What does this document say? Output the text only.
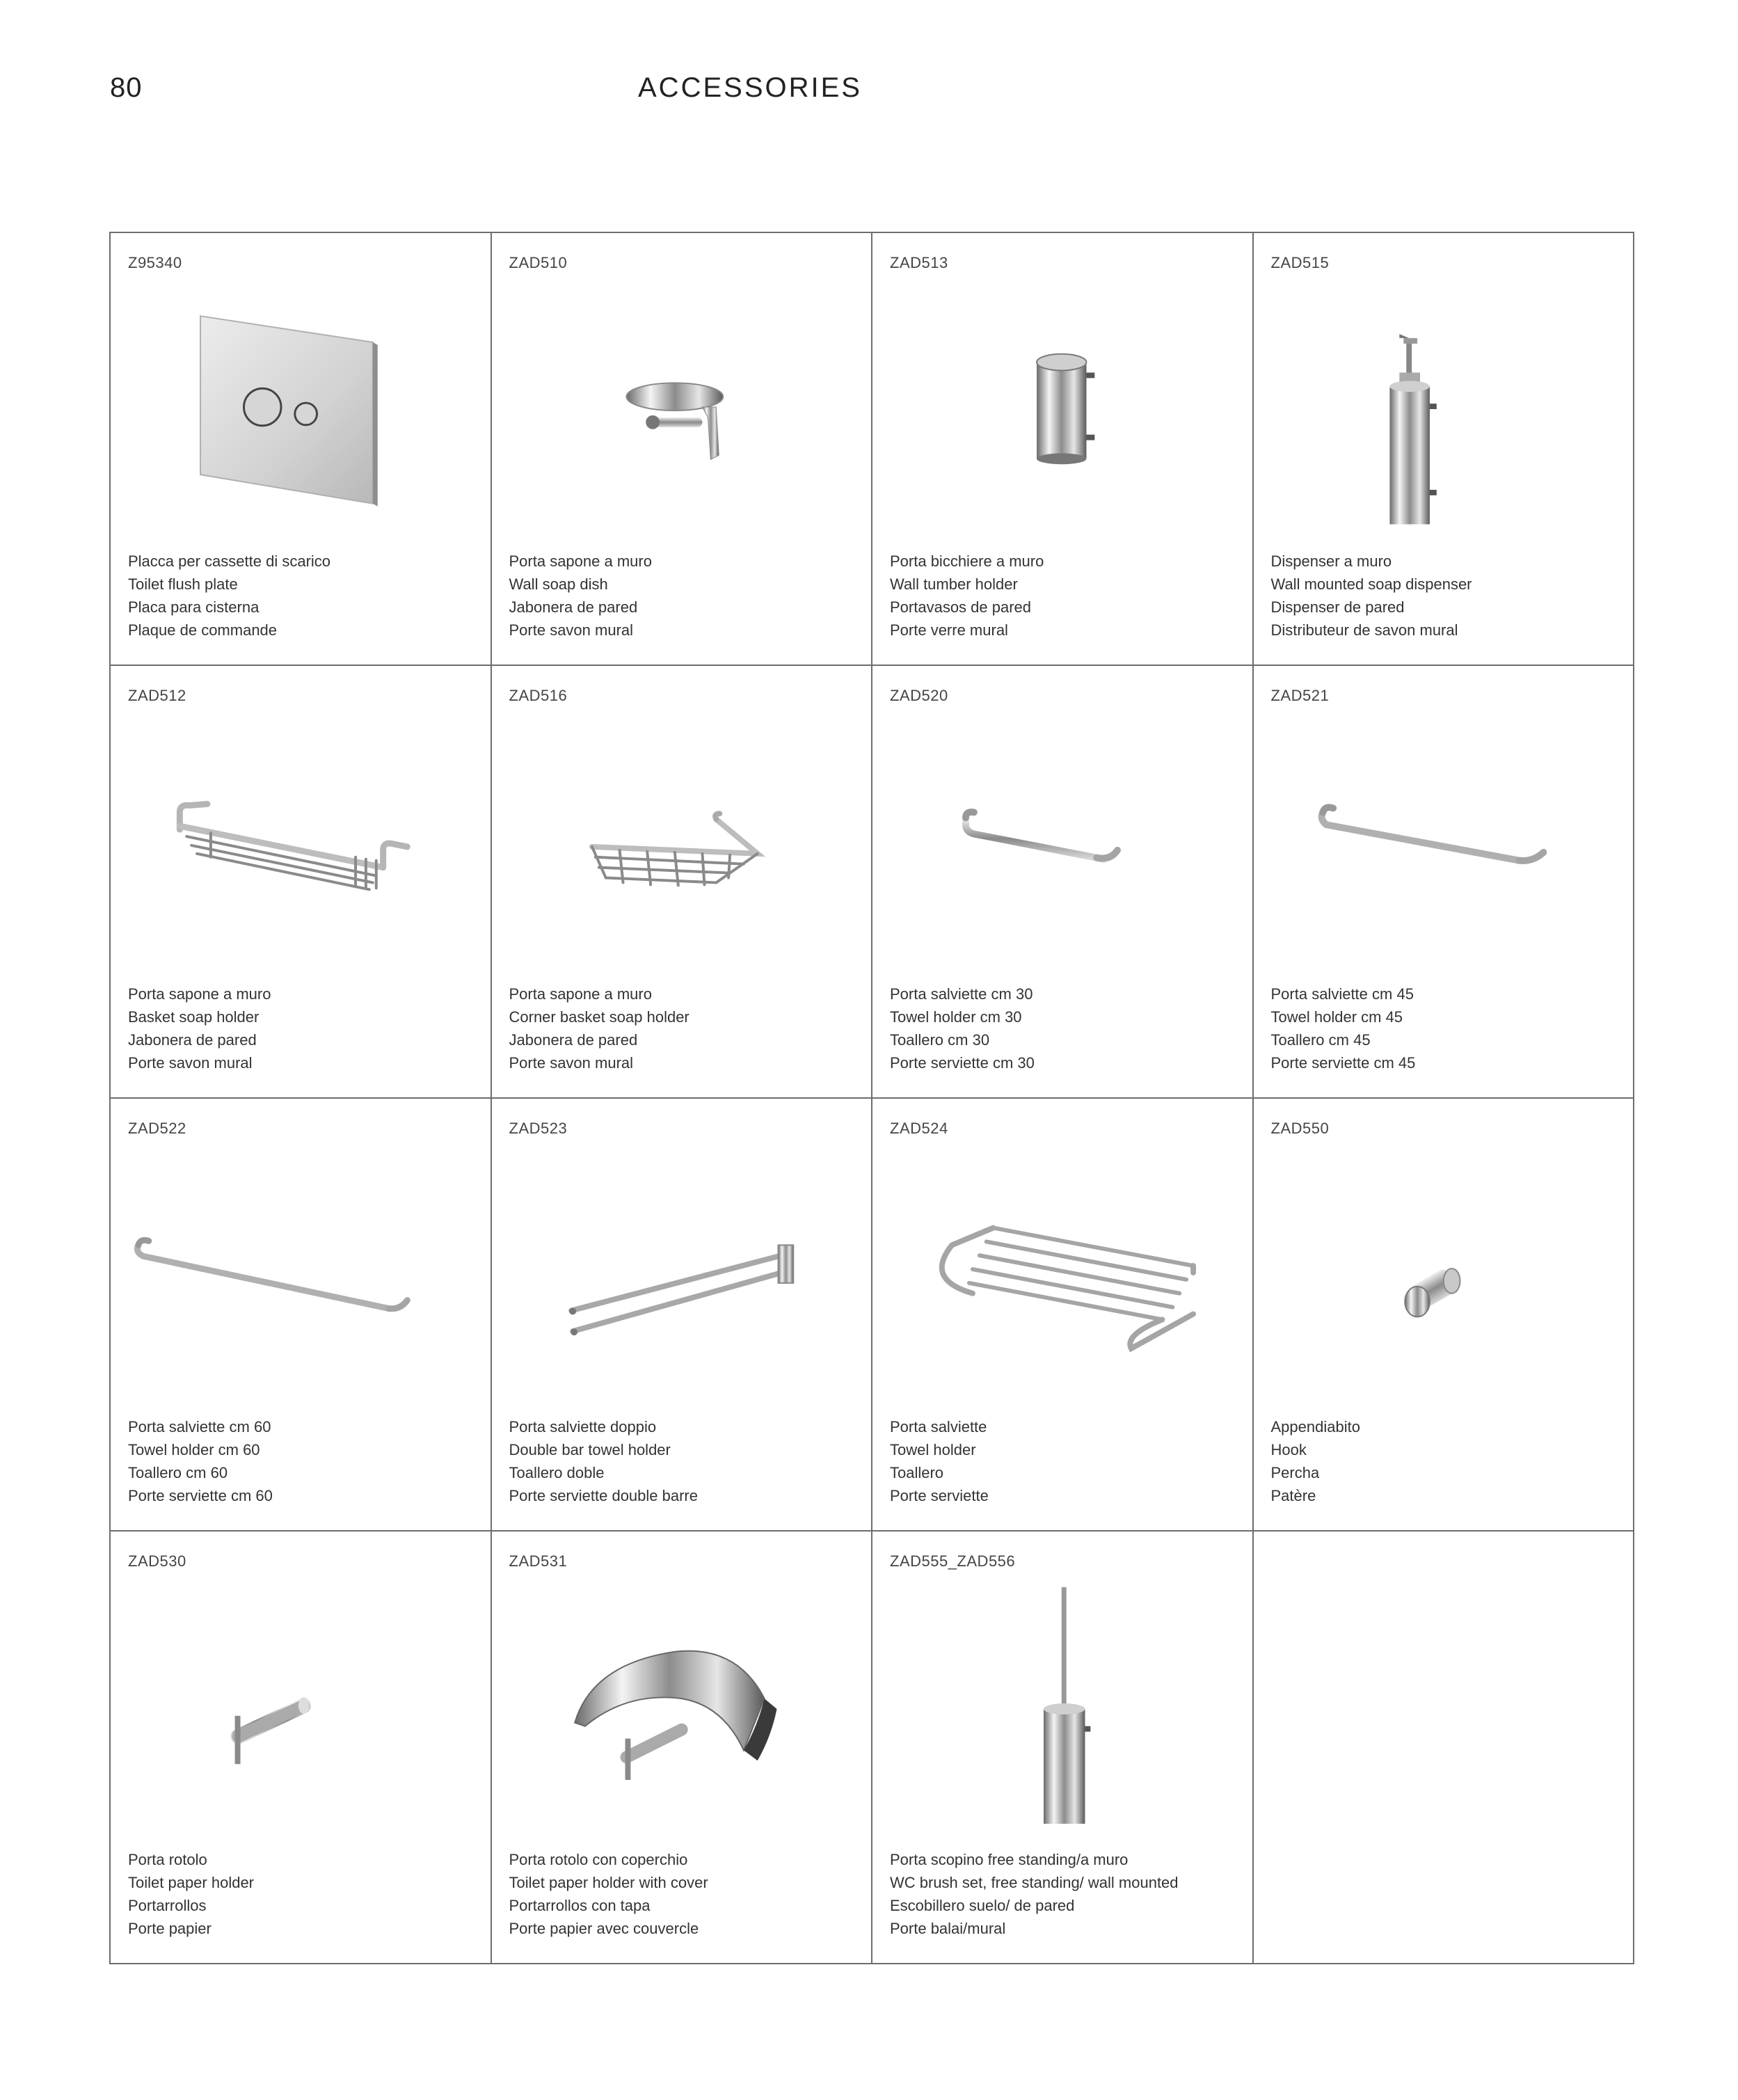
80	ACCESSORIES
Z95340
Placca per cassette di scarico
Toilet flush plate
Placa para cisterna
Plaque de commande
ZAD510
Porta sapone a muro
Wall soap dish
Jabonera de pared
Porte savon mural
ZAD513
Porta bicchiere a muro
Wall tumber holder
Portavasos de pared
Porte verre mural
ZAD515
Dispenser a muro
Wall mounted soap dispenser
Dispenser de pared
Distributeur de savon mural
ZAD512
Porta sapone a muro
Basket soap holder
Jabonera de pared
Porte savon mural
ZAD516
Porta sapone a muro
Corner basket soap holder
Jabonera de pared
Porte savon mural
ZAD520
Porta salviette cm 30
Towel holder cm 30
Toallero cm 30
Porte serviette cm 30
ZAD521
Porta salviette cm 45
Towel holder cm 45
Toallero cm 45
Porte serviette cm 45
ZAD522
Porta salviette cm 60
Towel holder cm 60
Toallero cm 60
Porte serviette cm 60
ZAD523
Porta salviette doppio
Double bar towel holder
Toallero doble
Porte serviette double barre
ZAD524
Porta salviette
Towel holder
Toallero
Porte serviette
ZAD550
Appendiabito
Hook
Percha
Patère
ZAD530
Porta rotolo
Toilet paper holder
Portarrollos
Porte papier
ZAD531
Porta rotolo con coperchio
Toilet paper holder with cover
Portarrollos con tapa
Porte papier avec couvercle
ZAD555_ZAD556
Porta scopino free standing/a muro
WC brush set, free standing/ wall mounted
Escobillero suelo/ de pared
Porte balai/mural
